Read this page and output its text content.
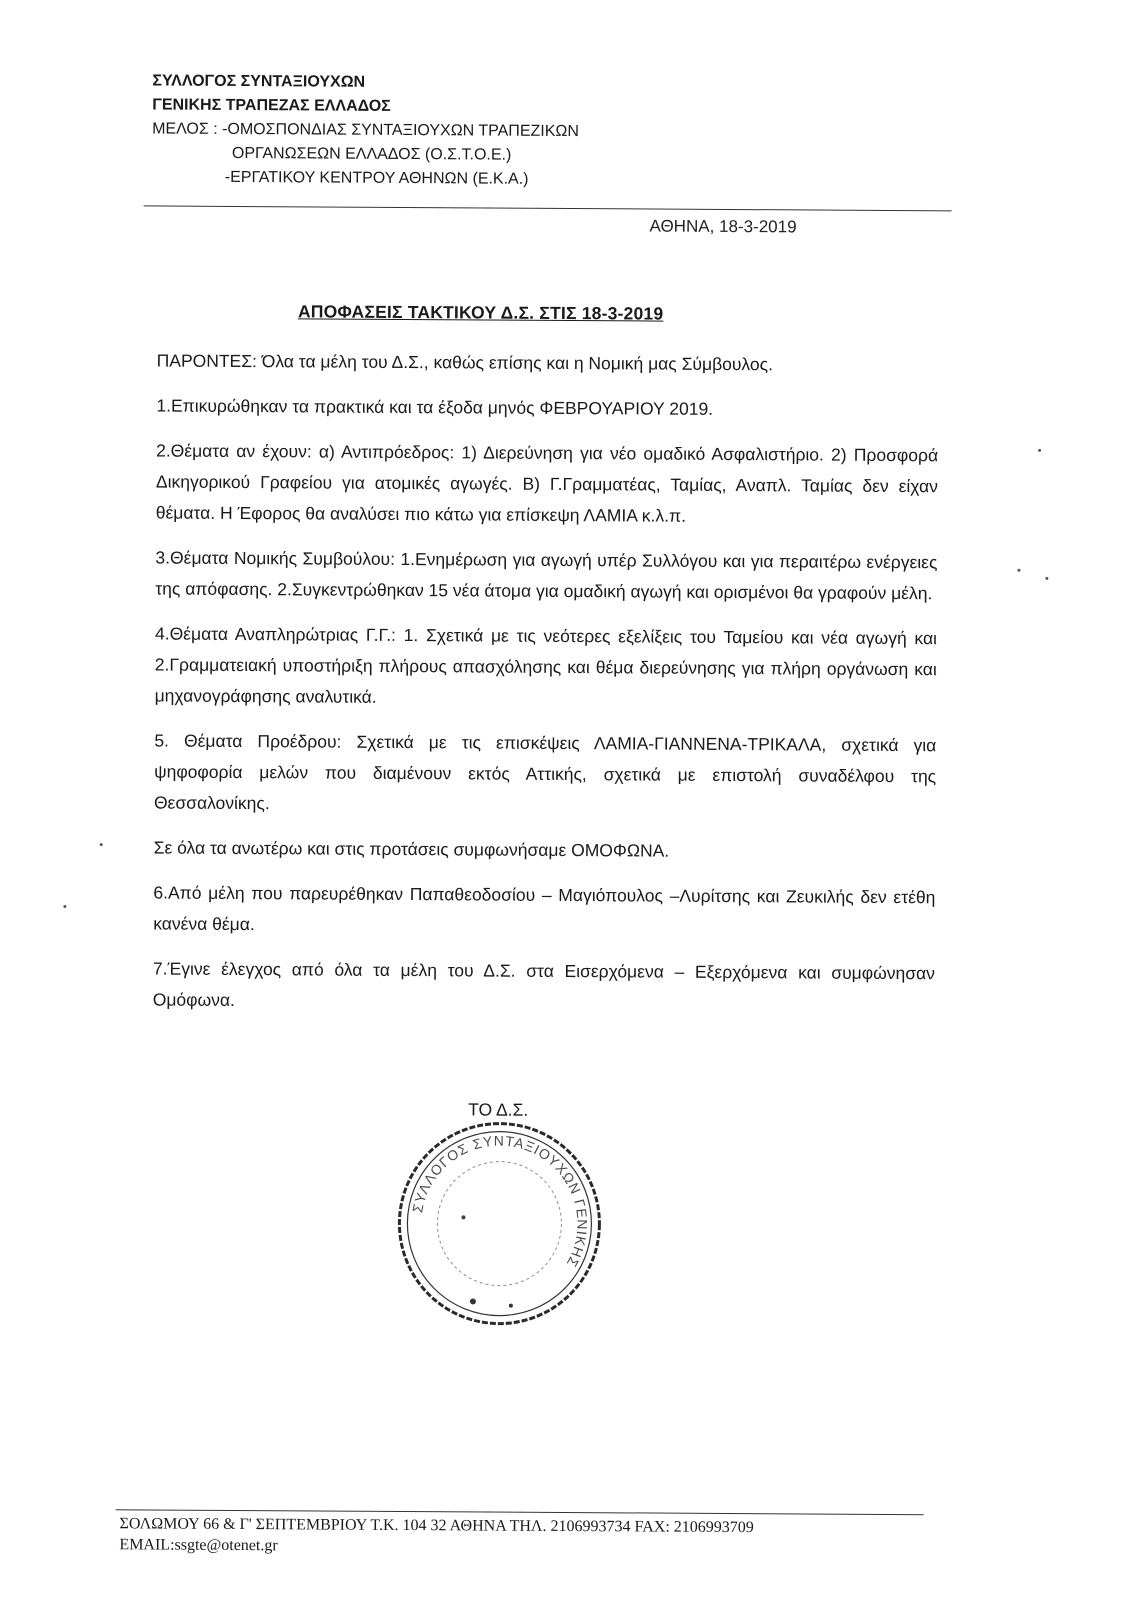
ΣΥΛΛΟΓΟΣ ΣΥΝΤΑΞΙΟΥΧΩΝ
ΓΕΝΙΚΗΣ ΤΡΑΠΕΖΑΣ ΕΛΛΑΔΟΣ
ΜΕΛΟΣ : -ΟΜΟΣΠΟΝΔΙΑΣ ΣΥΝΤΑΞΙΟΥΧΩΝ ΤΡΑΠΕΖΙΚΩΝ
ΟΡΓΑΝΩΣΕΩΝ ΕΛΛΑΔΟΣ (Ο.Σ.Τ.Ο.Ε.)
-ΕΡΓΑΤΙΚΟΥ ΚΕΝΤΡΟΥ ΑΘΗΝΩΝ (Ε.Κ.Α.)
ΑΘΗΝΑ, 18-3-2019
ΑΠΟΦΑΣΕΙΣ ΤΑΚΤΙΚΟΥ Δ.Σ. ΣΤΙΣ 18-3-2019

ΠΑΡΟΝΤΕΣ: Όλα τα μέλη του Δ.Σ., καθώς επίσης και η Νομική μας Σύμβουλος.

1.Επικυρώθηκαν τα πρακτικά και τα έξοδα μηνός ΦΕΒΡΟΥΑΡΙΟΥ 2019.

2.Θέματα αν έχουν: α) Αντιπρόεδρος: 1) Διερεύνηση για νέο ομαδικό Ασφαλιστήριο. 2) Προσφορά Δικηγορικού Γραφείου για ατομικές αγωγές. Β) Γ.Γραμματέας, Ταμίας, Αναπλ. Ταμίας δεν είχαν θέματα. Η Έφορος θα αναλύσει πιο κάτω για επίσκεψη ΛΑΜΙΑ κ.λ.π.

3.Θέματα Νομικής Συμβούλου: 1.Ενημέρωση για αγωγή υπέρ Συλλόγου και για περαιτέρω ενέργειες της απόφασης. 2.Συγκεντρώθηκαν 15 νέα άτομα για ομαδική αγωγή και ορισμένοι θα γραφούν μέλη.

4.Θέματα Αναπληρώτριας Γ.Γ.: 1. Σχετικά με τις νεότερες εξελίξεις του Ταμείου και νέα αγωγή και 2.Γραμματειακή υποστήριξη πλήρους απασχόλησης και θέμα διερεύνησης για πλήρη οργάνωση και μηχανογράφησης αναλυτικά.

5. Θέματα Προέδρου: Σχετικά με τις επισκέψεις ΛΑΜΙΑ-ΓΙΑΝΝΕΝΑ-ΤΡΙΚΑΛΑ, σχετικά για ψηφοφορία μελών που διαμένουν εκτός Αττικής, σχετικά με επιστολή συναδέλφου της Θεσσαλονίκης.

Σε όλα τα ανωτέρω και στις προτάσεις συμφωνήσαμε ΟΜΟΦΩΝΑ.

6.Από μέλη που παρευρέθηκαν Παπαθεοδοσίου – Μαγιόπουλος –Λυρίτσης και Ζευκιλής δεν ετέθη κανένα θέμα.

7.Έγινε έλεγχος από όλα τα μέλη του Δ.Σ. στα Εισερχόμενα – Εξερχόμενα και συμφώνησαν Ομόφωνα.

ΤΟ Δ.Σ.
ΣΥΛΛΟΓΟΣ ΣΥΝΤΑΞΙΟΥΧΩΝ ΓΕΝΙΚΗΣ
ΣΟΛΩΜΟΥ 66 & Γ' ΣΕΠΤΕΜΒΡΙΟΥ Τ.Κ. 104 32 ΑΘΗΝΑ ΤΗΛ. 2106993734 FAX: 2106993709
EMAIL:ssgte@otenet.gr
